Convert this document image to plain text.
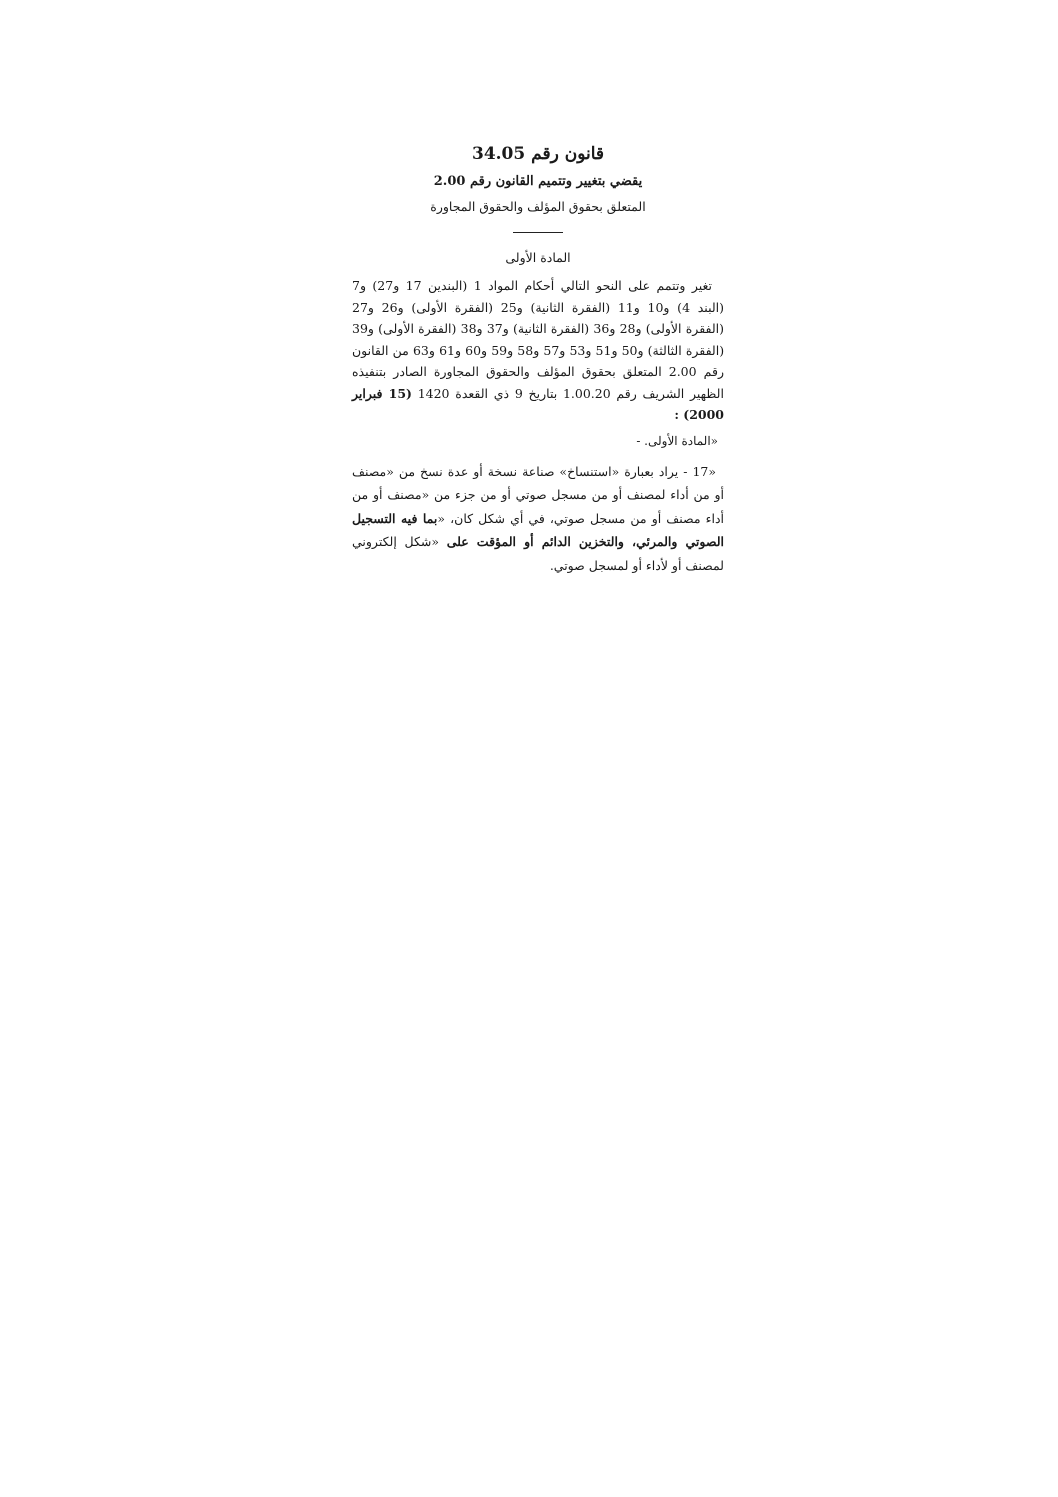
قانون رقم 34.05
يقضي بتغيير وتتميم القانون رقم 2.00

المتعلق بحقوق المؤلف والحقوق المجاورة

المادة الأولى

تغير وتتمم على النحو التالي أحكام المواد 1 (البندين 17 و27) و7 (البند 4) و10 و11 (الفقرة الثانية) و25 (الفقرة الأولى) و26 و27 (الفقرة الأولى) و28 و36 (الفقرة الثانية) و37 و38 (الفقرة الأولى) و39 (الفقرة الثالثة) و50 و51 و53 و57 و58 و59 و60 و61 و63 من القانون رقم 2.00 المتعلق بحقوق المؤلف والحقوق المجاورة الصادر بتنفيذه الظهير الشريف رقم 1.00.20 بتاريخ 9 ذي القعدة 1420 (15 فبراير 2000) :

«المادة الأولى. -

«17 - يراد بعبارة «استنساخ» صناعة نسخة أو عدة نسخ من «مصنف أو من أداء لمصنف أو من مسجل صوتي أو من جزء من «مصنف أو من أداء مصنف أو من مسجل صوتي، في أي شكل كان، «بما فيه التسجيل الصوتي والمرئي، والتخزين الدائم أو المؤقت على «شكل إلكتروني لمصنف أو لأداء أو لمسجل صوتي.
